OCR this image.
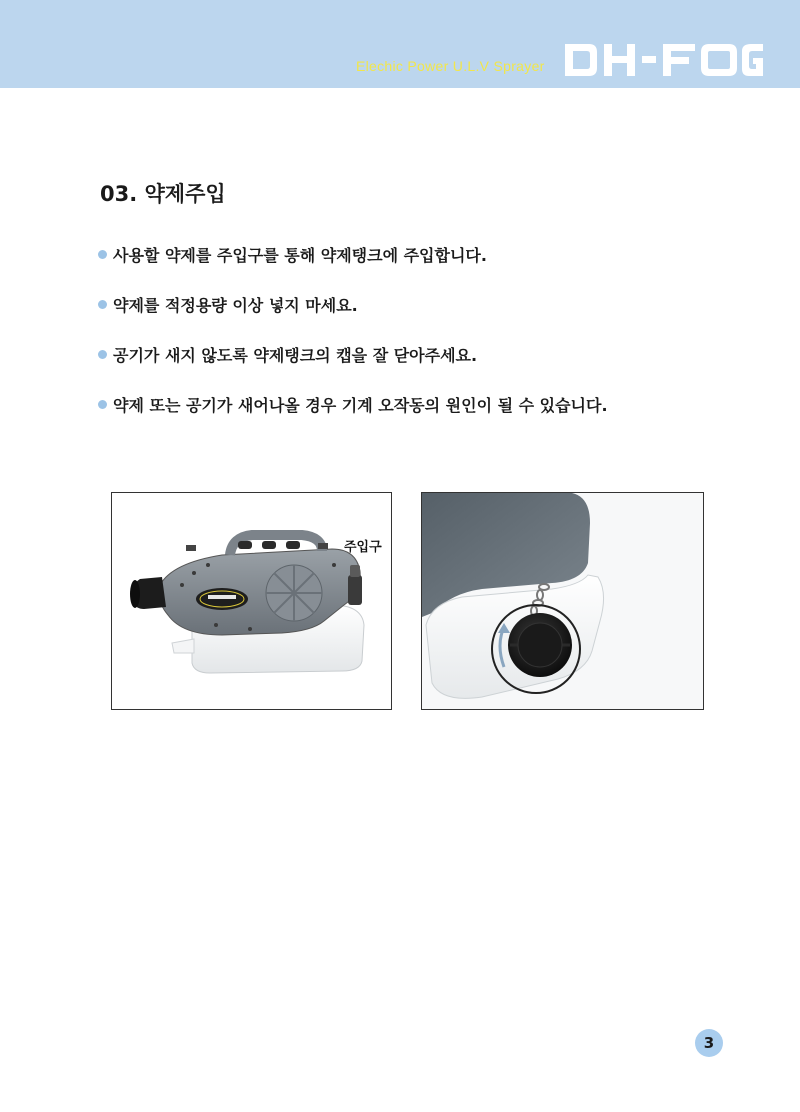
Elechic Power U.L.V Sprayer
03. 약제주입
사용할 약제를 주입구를 통해 약제탱크에 주입합니다.
약제를 적정용량 이상 넣지 마세요.
공기가 새지 않도록 약제탱크의 캡을 잘 닫아주세요.
약제 또는 공기가 새어나올 경우 기계 오작동의 원인이 될 수 있습니다.
주입구
3
